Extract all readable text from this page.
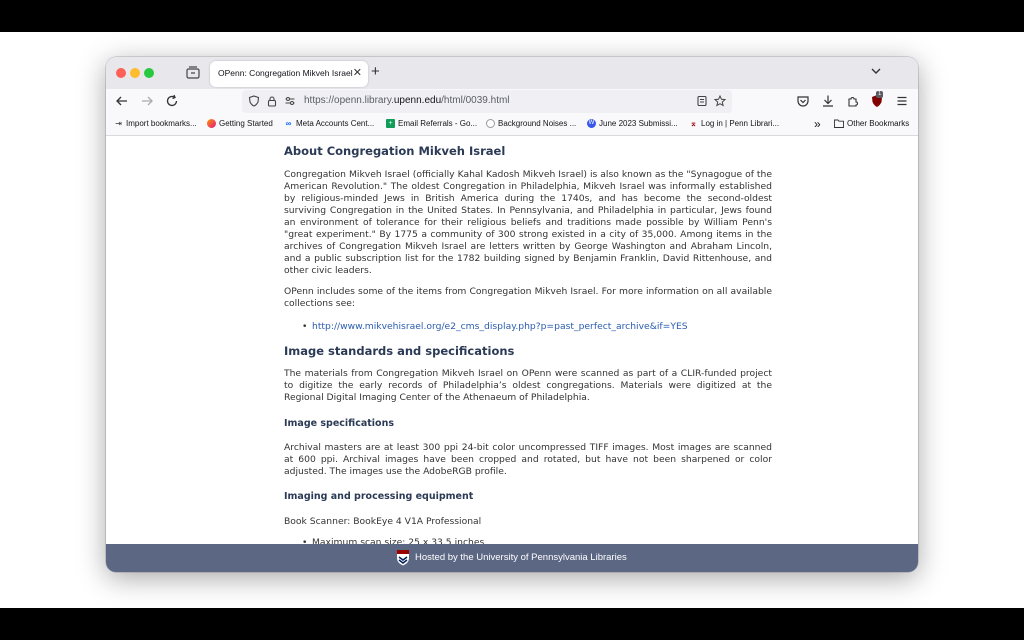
OPenn: Congregation Mikveh Israel ✕ +
https://openn.library.upenn.edu/html/0039.html
1
⇥ Import bookmarks...	Getting Started ∞ Meta Accounts Cent...	+ Email Referrals - Go...	Background Noises ... W June 2023 Submissi... ⌅ Log in | Penn Librari...	»	Other Bookmarks
About Congregation Mikveh Israel

Congregation Mikveh Israel (officially Kahal Kadosh Mikveh Israel) is also known as the "Synagogue of the American Revolution." The oldest Congregation in Philadelphia, Mikveh Israel was informally established by religious-minded Jews in British America during the 1740s, and has become the second-oldest surviving Congregation in the United States. In Pennsylvania, and Philadelphia in particular, Jews found an environment of tolerance for their religious beliefs and traditions made possible by William Penn's "great experiment." By 1775 a community of 300 strong existed in a city of 35,000. Among items in the archives of Congregation Mikveh Israel are letters written by George Washington and Abraham Lincoln, and a public subscription list for the 1782 building signed by Benjamin Franklin, David Rittenhouse, and other civic leaders.

OPenn includes some of the items from Congregation Mikveh Israel. For more information on all available collections see:

• http://www.mikvehisrael.org/e2_cms_display.php?p=past_perfect_archive&if=YES
Image standards and specifications

The materials from Congregation Mikveh Israel on OPenn were scanned as part of a CLIR-funded project to digitize the early records of Philadelphia’s oldest congregations. Materials were digitized at the Regional Digital Imaging Center of the Athenaeum of Philadelphia.

Image specifications

Archival masters are at least 300 ppi 24-bit color uncompressed TIFF images. Most images are scanned at 600 ppi. Archival images have been cropped and rotated, but have not been sharpened or color adjusted. The images use the AdobeRGB profile.

Imaging and processing equipment

Book Scanner: BookEye 4 V1A Professional

• Maximum scan size: 25 x 33.5 inches
Hosted by the University of Pennsylvania Libraries
